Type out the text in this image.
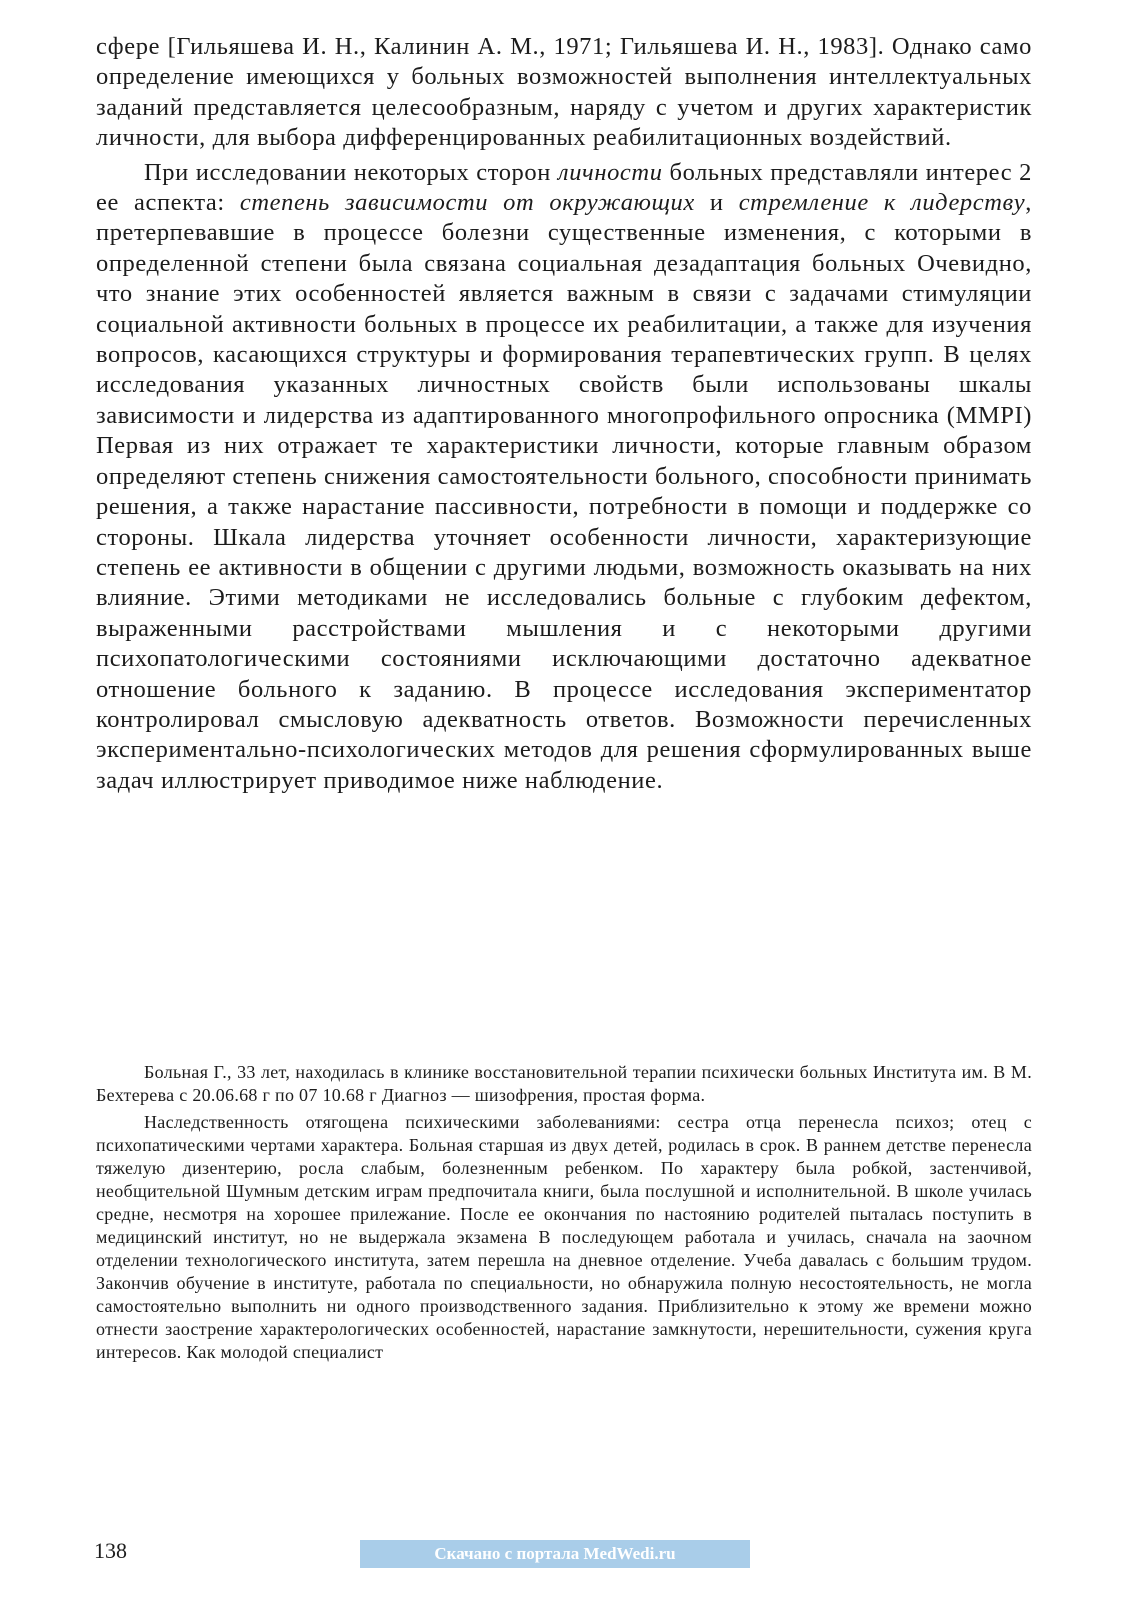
сфере [Гильяшева И. Н., Калинин А. М., 1971; Гильяшева И. Н., 1983]. Однако само определение имеющихся у больных возможностей выполнения интеллектуальных заданий представляется целесообразным, наряду с учетом и других характеристик личности, для выбора дифференцированных реабилитационных воздействий.

При исследовании некоторых сторон личности больных представляли интерес 2 ее аспекта: степень зависимости от окружающих и стремление к лидерству, претерпевавшие в процессе болезни существенные изменения, с которыми в определенной степени была связана социальная дезадаптация больных Очевидно, что знание этих особенностей является важным в связи с задачами стимуляции социальной активности больных в процессе их реабилитации, а также для изучения вопросов, касающихся структуры и формирования терапевтических групп. В целях исследования указанных личностных свойств были использованы шкалы зависимости и лидерства из адаптированного многопрофильного опросника (MMPI) Первая из них отражает те характеристики личности, которые главным образом определяют степень снижения самостоятельности больного, способности принимать решения, а также нарастание пассивности, потребности в помощи и поддержке со стороны. Шкала лидерства уточняет особенности личности, характеризующие степень ее активности в общении с другими людьми, возможность оказывать на них влияние. Этими методиками не исследовались больные с глубоким дефектом, выраженными расстройствами мышления и с некоторыми другими психопатологическими состояниями исключающими достаточно адекватное отношение больного к заданию. В процессе исследования экспериментатор контролировал смысловую адекватность ответов. Возможности перечисленных экспериментально-психологических методов для решения сформулированных выше задач иллюстрирует приводимое ниже наблюдение.

Больная Г., 33 лет, находилась в клинике восстановительной терапии психически больных Института им. В М. Бехтерева с 20.06.68 г по 07 10.68 г Диагноз — шизофрения, простая форма.

Наследственность отягощена психическими заболеваниями: сестра отца перенесла психоз; отец с психопатическими чертами характера. Больная старшая из двух детей, родилась в срок. В раннем детстве перенесла тяжелую дизентерию, росла слабым, болезненным ребенком. По характеру была робкой, застенчивой, необщительной Шумным детским играм предпочитала книги, была послушной и исполнительной. В школе училась средне, несмотря на хорошее прилежание. После ее окончания по настоянию родителей пыталась поступить в медицинский институт, но не выдержала экзамена В последующем работала и училась, сначала на заочном отделении технологического института, затем перешла на дневное отделение. Учеба давалась с большим трудом. Закончив обучение в институте, работала по специальности, но обнаружила полную несостоятельность, не могла самостоятельно выполнить ни одного производственного задания. Приблизительно к этому же времени можно отнести заострение характерологических особенностей, нарастание замкнутости, нерешительности, сужения круга интересов. Как молодой специалист

138	Скачано с портала MedWedi.ru
